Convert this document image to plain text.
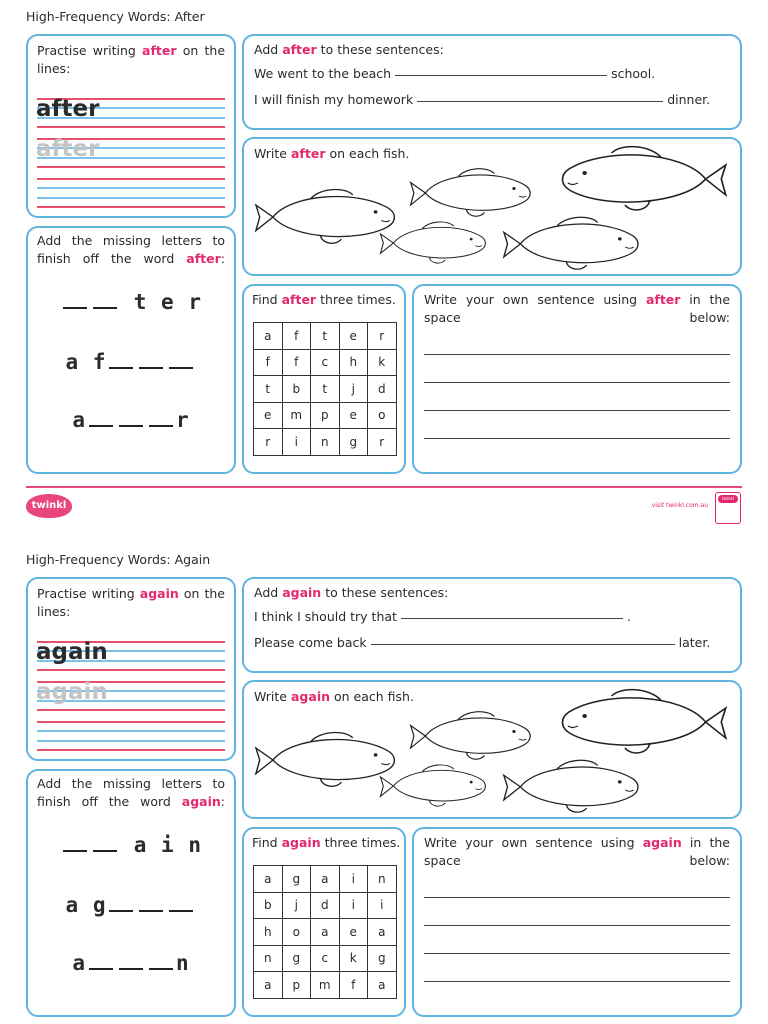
High-Frequency Words: After
Practise writing after on the lines:
after
after
Add the missing letters to finish off the word after:
t e r
a f
a	r
Add after to these sentences:
We went to the beach	school.
I will finish my homework	dinner.
Write after on each fish.
Find after three times.
a	f	t	e	r
f	f	c	h	k
t	b	t	j	d
e	m	p	e	o
r	i	n	g	r
Write your own sentence using after in the space below:
twinkl	visit twinkl.com.au
twinkl
High-Frequency Words: Again
Practise writing again on the lines:
again
again
Add the missing letters to finish off the word again:
a i n
a g
a	n
Add again to these sentences:
I think I should try that	.
Please come back	later.
Write again on each fish.
Find again three times.
a	g	a	i	n
b	j	d	i	i
h	o	a	e	a
n	g	c	k	g
a	p	m	f	a
Write your own sentence using again in the space below:
